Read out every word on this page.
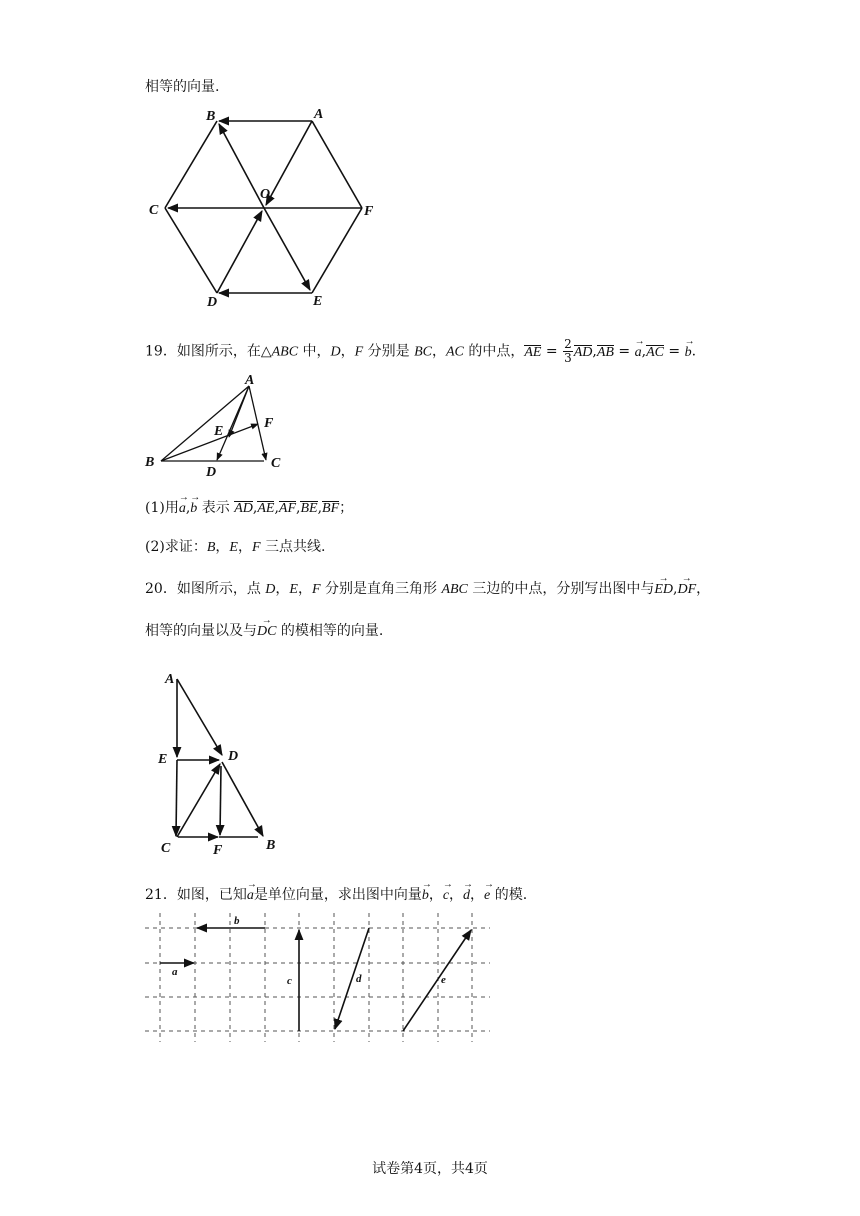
相等的向量.
B	A
C	F
O
D	E
19．如图所示，在△ABC 中，D，F 分别是 BC，AC 的中点，AE = $\frac{2}{3} AD,AB$ =
→
a,AC =
→
b.
A
B	C
D
E
F
(1)用
→
a,
→
b 表示 AD,AE,AF,BE,BF；
(2)求证：B，E，F 三点共线.
20．如图所示，点 D，E，F 分别是直角三角形 ABC 三边的中点，分别写出图中与
→
ED,
→
DF，
相等的向量以及与
→
DC 的模相等的向量.
A
E	D
C	F	B
21．如图，已知
→
a是单位向量，求出图中向量
→
b，
→
c，
→
d，
→
e 的模.
a
b
c	d	e
试卷第4页，共4页
